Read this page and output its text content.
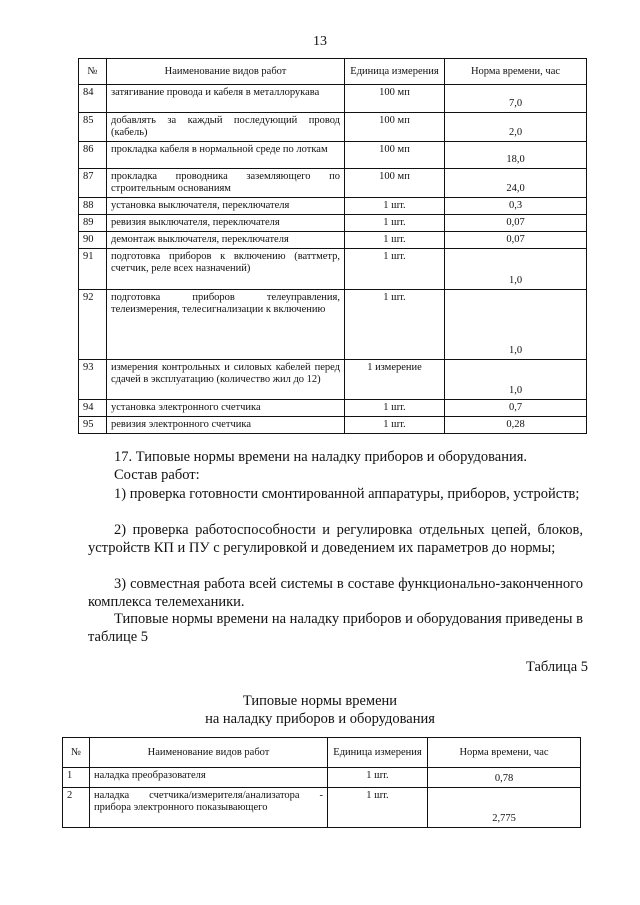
13
№	Наименование видов работ	Единица измерения	Норма времени, час
84	затягивание провода и кабеля в металлорукава	100 мп	7,0
85	добавлять за каждый последующий провод (кабель)	100 мп	2,0
86	прокладка кабеля в нормальной среде по лоткам	100 мп	18,0
87	прокладка проводника заземляющего по строительным основаниям	100 мп	24,0
88	установка выключателя, переключателя	1 шт.	0,3
89	ревизия выключателя, переключателя	1 шт.	0,07
90	демонтаж выключателя, переключателя	1 шт.	0,07
91	подготовка приборов к включению (ваттметр, счетчик, реле всех назначений)	1 шт.	1,0
92	подготовка приборов телеуправления, телеизмерения, телесигнализации к включению	1 шт.	1,0
93	измерения контрольных и силовых кабелей перед сдачей в эксплуатацию (количество жил до 12)	1 измерение	1,0
94	установка электронного счетчика	1 шт.	0,7
95	ревизия электронного счетчика	1 шт.	0,28
17. Типовые нормы времени на наладку приборов и оборудования.
Состав работ:
1) проверка готовности смонтированной аппаратуры, приборов, устройств;
2) проверка работоспособности и регулировка отдельных цепей, блоков, устройств КП и ПУ с регулировкой и доведением их параметров до нормы;
3) совместная работа всей системы в составе функционально-законченного комплекса телемеханики.
Типовые нормы времени на наладку приборов и оборудования приведены в таблице 5
Таблица 5
Типовые нормы времени
на наладку приборов и оборудования
№	Наименование видов работ	Единица измерения	Норма времени, час
1	наладка преобразователя	1 шт.	0,78
2	наладка счетчика/измерителя/анализатора - прибора электронного показывающего	1 шт.	2,775
